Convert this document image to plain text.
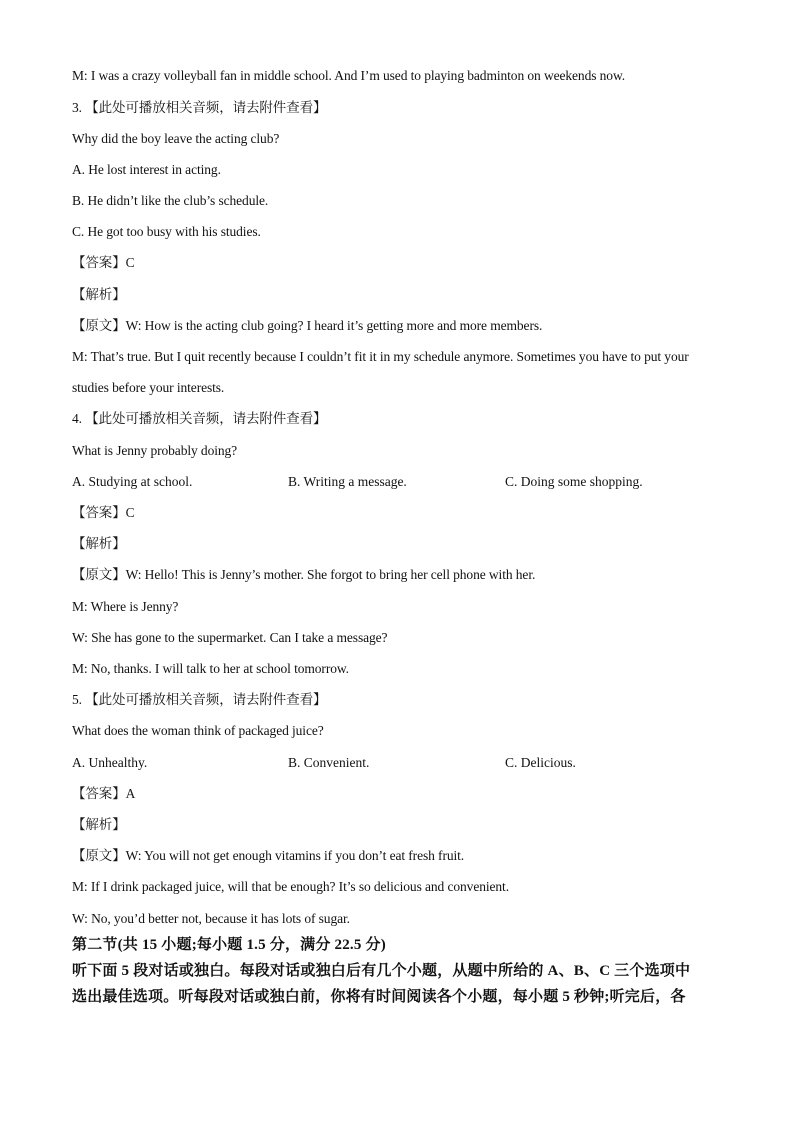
M: I was a crazy volleyball fan in middle school. And I’m used to playing badminton on weekends now.
3. 【此处可播放相关音频，请去附件查看】
Why did the boy leave the acting club?
A. He lost interest in acting.
B. He didn’t like the club’s schedule.
C. He got too busy with his studies.
【答案】C
【解析】
【原文】W: How is the acting club going? I heard it’s getting more and more members.
M: That’s true. But I quit recently because I couldn’t fit it in my schedule anymore. Sometimes you have to put your
studies before your interests.
4. 【此处可播放相关音频，请去附件查看】
What is Jenny probably doing?
A. Studying at school.	B. Writing a message.	C. Doing some shopping.
【答案】C
【解析】
【原文】W: Hello! This is Jenny’s mother. She forgot to bring her cell phone with her.
M: Where is Jenny?
W: She has gone to the supermarket. Can I take a message?
M: No, thanks. I will talk to her at school tomorrow.
5. 【此处可播放相关音频，请去附件查看】
What does the woman think of packaged juice?
A. Unhealthy.	B. Convenient.	C. Delicious.
【答案】A
【解析】
【原文】W: You will not get enough vitamins if you don’t eat fresh fruit.
M: If I drink packaged juice, will that be enough? It’s so delicious and convenient.
W: No, you’d better not, because it has lots of sugar.
第二节(共 15 小题;每小题 1.5 分，满分 22.5 分)
听下面 5 段对话或独白。每段对话或独白后有几个小题，从题中所给的 A、B、C 三个选项中
选出最佳选项。听每段对话或独白前，你将有时间阅读各个小题，每小题 5 秒钟;听完后，各
